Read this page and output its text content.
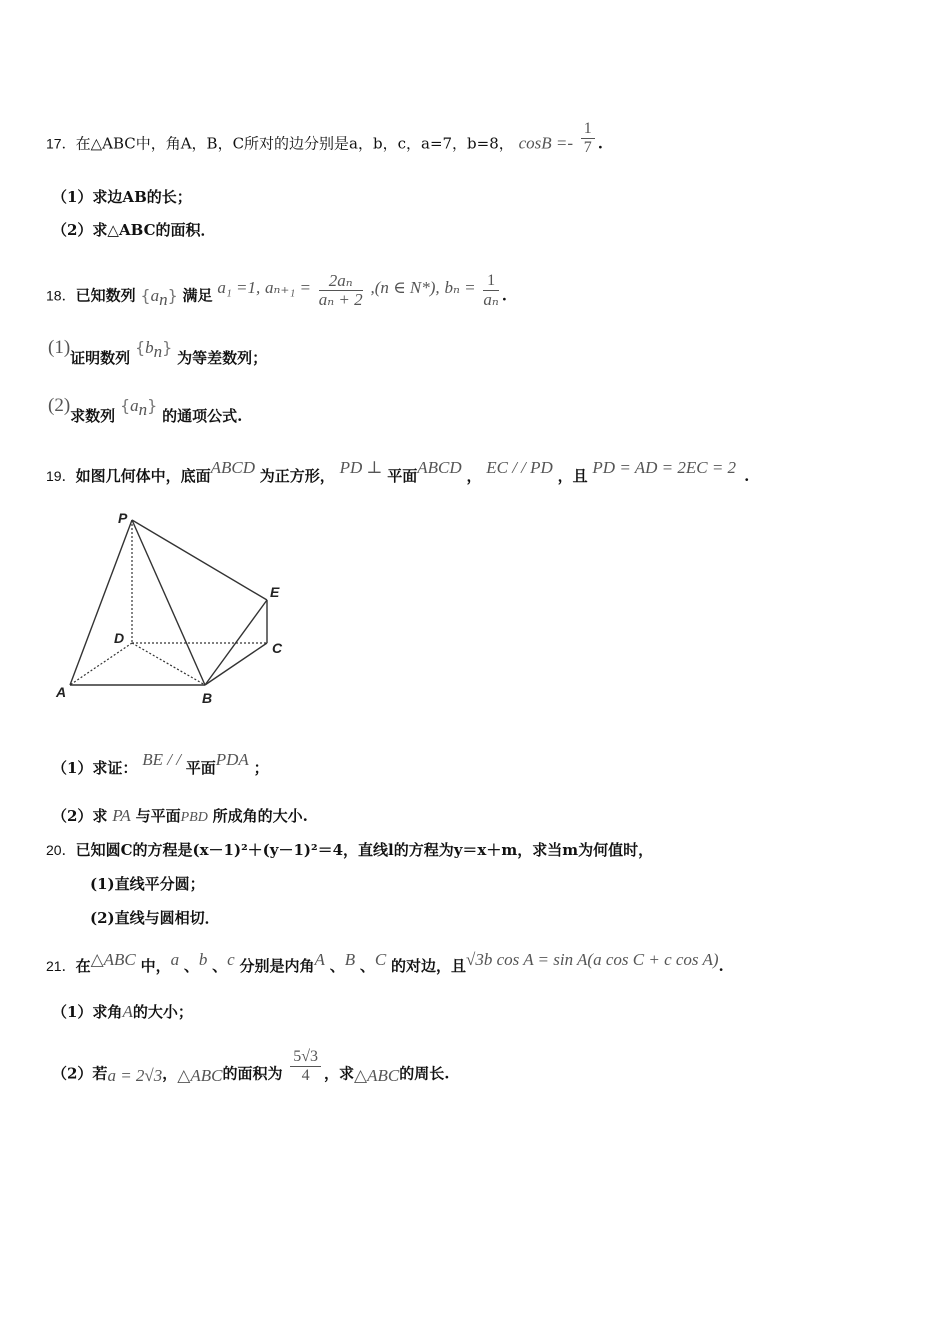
17．在△ABC中，角A，B，C所对的边分别是a，b，c，a=7，b=8， $\cos B =- \frac{1}{7}$ .
（1）求边AB的长；
（2）求△ABC的面积．
18．已知数列 $\{a_n\}$ 满足 a₁ =1, $a_{n+1} = \frac{\text{2aₙ}}{\text{aₙ + 2}} ,(n$ ∈ N*), $b_n = \frac{1}{\text{aₙ}}$ .
(1)证明数列 $\{b_n\}$ 为等差数列；
(2)求数列 $\{a_n\}$ 的通项公式.
19．如图几何体中，底面ABCD 为正方形， PD ⊥ 平面ABCD ， EC / / PD ，且 PD = AD = 2EC = 2 .
P
E
D
C
A	B
（1）求证： BE / / 平面PDA ；
（2）求 PA 与平面PBD 所成角的大小.
20．已知圆C的方程是(x－1)²＋(y－1)²＝4，直线l的方程为y＝x＋m，求当m为何值时，
(1)直线平分圆；
(2)直线与圆相切．
21．在△ABC 中，a 、b 、c 分别是内角A 、B 、C 的对边，且√3b cos A = sin A(a cos C + c cos A).
（1）求角A的大小；
（2）若a = 2√3，△ABC的面积为 $\frac{5√3}{4}$ ，求△ABC的周长.
